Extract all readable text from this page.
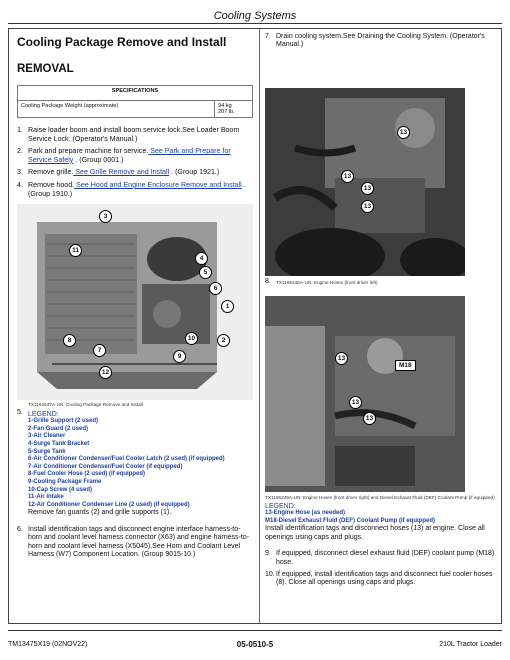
Cooling Systems
Cooling Package Remove and Install
REMOVAL
SPECIFICATIONS
Cooling Package Weight (approximate)	94 kg
207 lb.
1. Raise loader boom and install boom service lock.See Loader Boom Service Lock. (Operator's Manual.)
2. Park and prepare machine for service. See Park and Prepare for Service Safely . (Group 0001.)
3. Remove grille. See Grille Remove and Install . (Group 1921.)
4. Remove hood. See Hood and Engine Enclosure Remove and Install . (Group 1910.)
3
4
11
5
6
1
2
8
9
10
7
12
TX1192637A-UN: Cooling Package Remove and Install
5. LEGEND:
1-Grille Support (2 used)
2-Fan Guard (2 used)
3-Air Cleaner
4-Surge Tank Bracket
5-Surge Tank
6-Air Conditioner Condenser/Fuel Cooler Latch (2 used) (if equipped)
7-Air Conditioner Condenser/Fuel Cooler (if equipped)
8-Fuel Cooler Hose (2 used) (if equipped)
9-Cooling Package Frame
10-Cap Screw (4 used)
11-Air Intake
12-Air Conditioner Condenser Line (2 used) (if equipped)
Remove fan guards (2) and grille supports (1).
6. Install identification tags and disconnect engine interface harness-to-horn and coolant level harness connector (X63) and engine harness-to-horn and coolant level harness (X5045).See Horn and Coolant Level Harness (W7) Component Location. (Group 9015-10.)
7. Drain cooling system.See Draining the Cooling System. (Operator's Manual.)
13
13
13
13
8.	TX1195246A-UN: Engine Hoses (front driver left)
13
13
13
M18
TX1195249A-UN: Engine Hoses (front driver right) and Diesel Exhaust Fluid (DEF) Coolant Pump (if equipped)
LEGEND:
13-Engine Hose (as needed)
M18-Diesel Exhaust Fluid (DEF) Coolant Pump (if equipped)
Install identification tags and disconnect hoses (13) at engine. Close all openings using caps and plugs.
9. If equipped, disconnect diesel exhaust fluid (DEF) coolant pump (M18) hose.
10. If equipped, install identification tags and disconnect fuel cooler hoses (8). Close all openings using caps and plugs.
TM13475X19 (02NOV22)	05-0510-5	210L Tractor Loader
